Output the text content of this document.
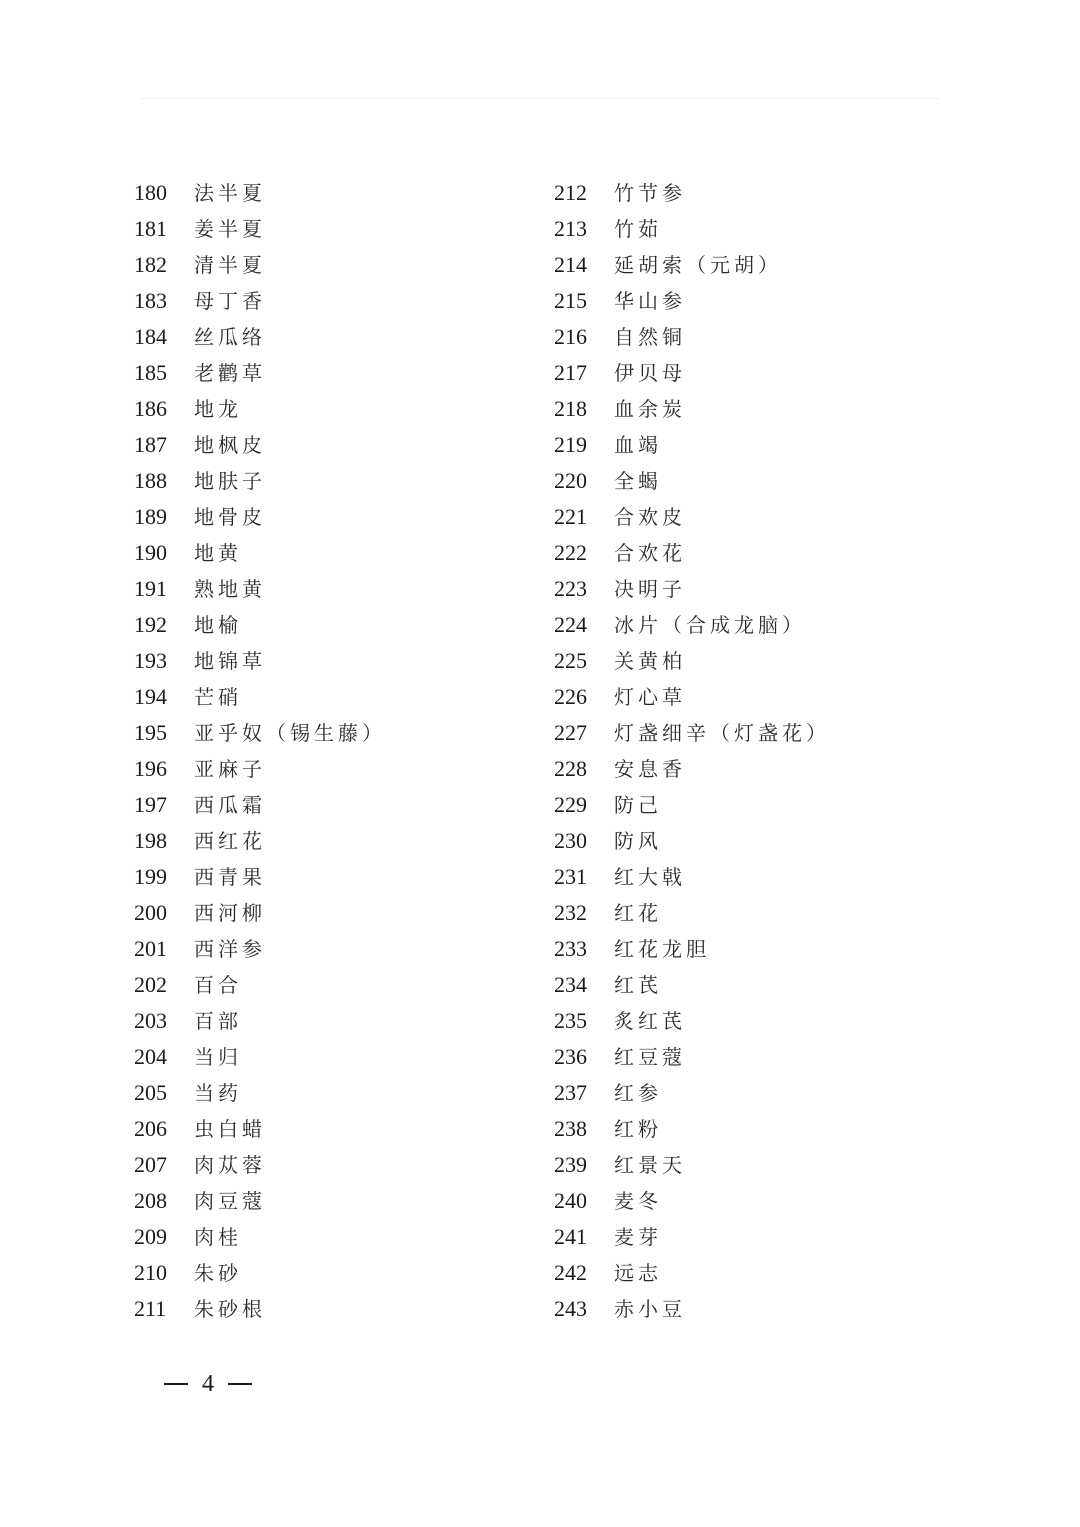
180	法半夏
181	姜半夏
182	清半夏
183	母丁香
184	丝瓜络
185	老鹳草
186	地龙
187	地枫皮
188	地肤子
189	地骨皮
190	地黄
191	熟地黄
192	地榆
193	地锦草
194	芒硝
195	亚乎奴（锡生藤）
196	亚麻子
197	西瓜霜
198	西红花
199	西青果
200	西河柳
201	西洋参
202	百合
203	百部
204	当归
205	当药
206	虫白蜡
207	肉苁蓉
208	肉豆蔻
209	肉桂
210	朱砂
211	朱砂根
212	竹节参
213	竹茹
214	延胡索（元胡）
215	华山参
216	自然铜
217	伊贝母
218	血余炭
219	血竭
220	全蝎
221	合欢皮
222	合欢花
223	决明子
224	冰片（合成龙脑）
225	关黄柏
226	灯心草
227	灯盏细辛（灯盏花）
228	安息香
229	防己
230	防风
231	红大戟
232	红花
233	红花龙胆
234	红芪
235	炙红芪
236	红豆蔻
237	红参
238	红粉
239	红景天
240	麦冬
241	麦芽
242	远志
243	赤小豆
4
